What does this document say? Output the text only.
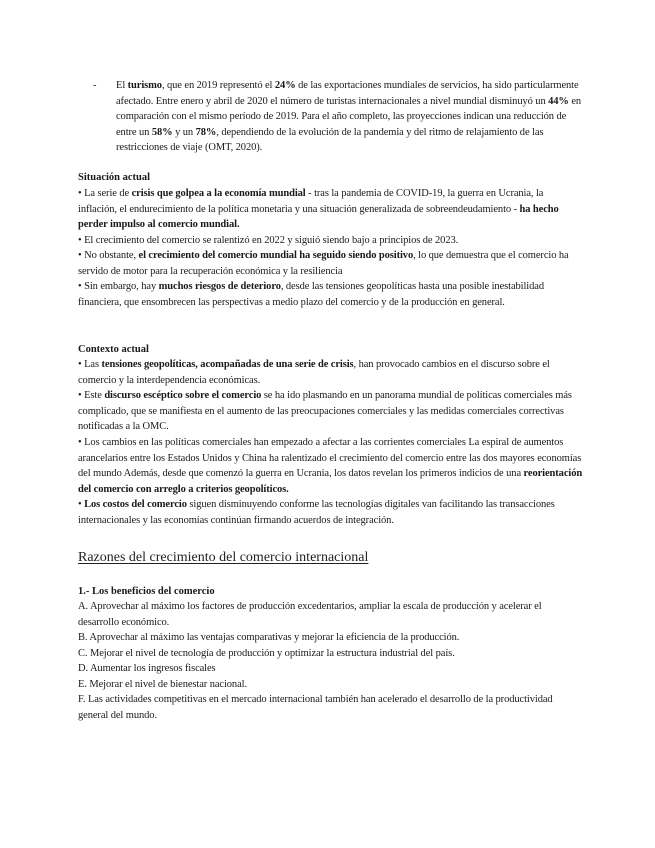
- El turismo, que en 2019 representó el 24% de las exportaciones mundiales de servicios, ha sido particularmente afectado. Entre enero y abril de 2020 el número de turistas internacionales a nivel mundial disminuyó un 44% en comparación con el mismo período de 2019. Para el año completo, las proyecciones indican una reducción de entre un 58% y un 78%, dependiendo de la evolución de la pandemia y del ritmo de relajamiento de las restricciones de viaje (OMT, 2020).
Situación actual
• La serie de crisis que golpea a la economía mundial - tras la pandemia de COVID-19, la guerra en Ucrania, la inflación, el endurecimiento de la política monetaria y una situación generalizada de sobreendeudamiento - ha hecho perder impulso al comercio mundial.
• El crecimiento del comercio se ralentizó en 2022 y siguió siendo bajo a principios de 2023.
• No obstante, el crecimiento del comercio mundial ha seguido siendo positivo, lo que demuestra que el comercio ha servido de motor para la recuperación económica y la resiliencia
• Sin embargo, hay muchos riesgos de deterioro, desde las tensiones geopolíticas hasta una posible inestabilidad financiera, que ensombrecen las perspectivas a medio plazo del comercio y de la producción en general.
Contexto actual
• Las tensiones geopolíticas, acompañadas de una serie de crisis, han provocado cambios en el discurso sobre el comercio y la interdependencia económicas.
• Este discurso escéptico sobre el comercio se ha ido plasmando en un panorama mundial de políticas comerciales más complicado, que se manifiesta en el aumento de las preocupaciones comerciales y las medidas comerciales correctivas notificadas a la OMC.
• Los cambios en las políticas comerciales han empezado a afectar a las corrientes comerciales La espiral de aumentos arancelarios entre los Estados Unidos y China ha ralentizado el crecimiento del comercio entre las dos mayores economías del mundo Además, desde que comenzó la guerra en Ucrania, los datos revelan los primeros indicios de una reorientación del comercio con arreglo a criterios geopolíticos.
• Los costos del comercio siguen disminuyendo conforme las tecnologías digitales van facilitando las transacciones internacionales y las economías continúan firmando acuerdos de integración.
Razones del crecimiento del comercio internacional
1.- Los beneficios del comercio
A. Aprovechar al máximo los factores de producción excedentarios, ampliar la escala de producción y acelerar el desarrollo económico.
B. Aprovechar al máximo las ventajas comparativas y mejorar la eficiencia de la producción.
C. Mejorar el nivel de tecnología de producción y optimizar la estructura industrial del país.
D. Aumentar los ingresos fiscales
E. Mejorar el nivel de bienestar nacional.
F. Las actividades competitivas en el mercado internacional también han acelerado el desarrollo de la productividad general del mundo.
